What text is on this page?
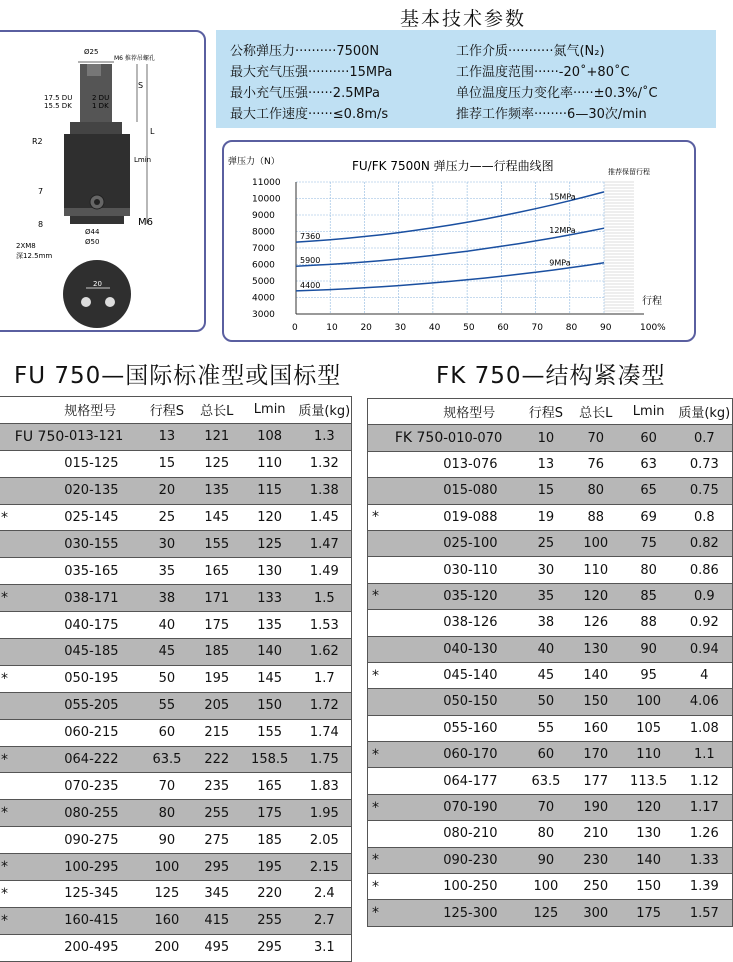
基本技术参数
Ø25
M6 推荐吊螺孔
17.5 DU
15.5 DK
2 DU
1 DK
R2
7
8
S
L
Lmin
M6
Ø44
Ø50
20
2XM8
深12.5mm
公称弹压力··········7500N
最大充气压强··········15MPa
最小充气压强······2.5MPa
最大工作速度······≤0.8m/s
工作介质···········氮气(N₂)
工作温度范围······-20˚+80˚C
单位温度压力变化率·····±0.3%/˚C
推荐工作频率········6—30次/min
弹压力（N）	FU/FK 7500N 弹压力——行程曲线图	推荐保留行程
行程
100%
11000
10000
9000
8000
7000
6000
5000
4000
3000
0	10	20	30	40	50	60	70	80	90
7360
15MPa
5900
12MPa
4400
9MPa
FU 750—国际标准型或国标型	FK 750—结构紧凑型
	规格型号	行程S	总长L	Lmin	质量(kg)
FU 750	-013-121	13	121	108	1.3
	015-125	15	125	110	1.32
	020-135	20	135	115	1.38
*	025-145	25	145	120	1.45
	030-155	30	155	125	1.47
	035-165	35	165	130	1.49
*	038-171	38	171	133	1.5
	040-175	40	175	135	1.53
	045-185	45	185	140	1.62
*	050-195	50	195	145	1.7
	055-205	55	205	150	1.72
	060-215	60	215	155	1.74
*	064-222	63.5	222	158.5	1.75
	070-235	70	235	165	1.83
*	080-255	80	255	175	1.95
	090-275	90	275	185	2.05
*	100-295	100	295	195	2.15
*	125-345	125	345	220	2.4
*	160-415	160	415	255	2.7
	200-495	200	495	295	3.1
	规格型号	行程S	总长L	Lmin	质量(kg)
FK 750	-010-070	10	70	60	0.7
	013-076	13	76	63	0.73
	015-080	15	80	65	0.75
*	019-088	19	88	69	0.8
	025-100	25	100	75	0.82
	030-110	30	110	80	0.86
*	035-120	35	120	85	0.9
	038-126	38	126	88	0.92
	040-130	40	130	90	0.94
*	045-140	45	140	95	4
	050-150	50	150	100	4.06
	055-160	55	160	105	1.08
*	060-170	60	170	110	1.1
	064-177	63.5	177	113.5	1.12
*	070-190	70	190	120	1.17
	080-210	80	210	130	1.26
*	090-230	90	230	140	1.33
*	100-250	100	250	150	1.39
*	125-300	125	300	175	1.57
